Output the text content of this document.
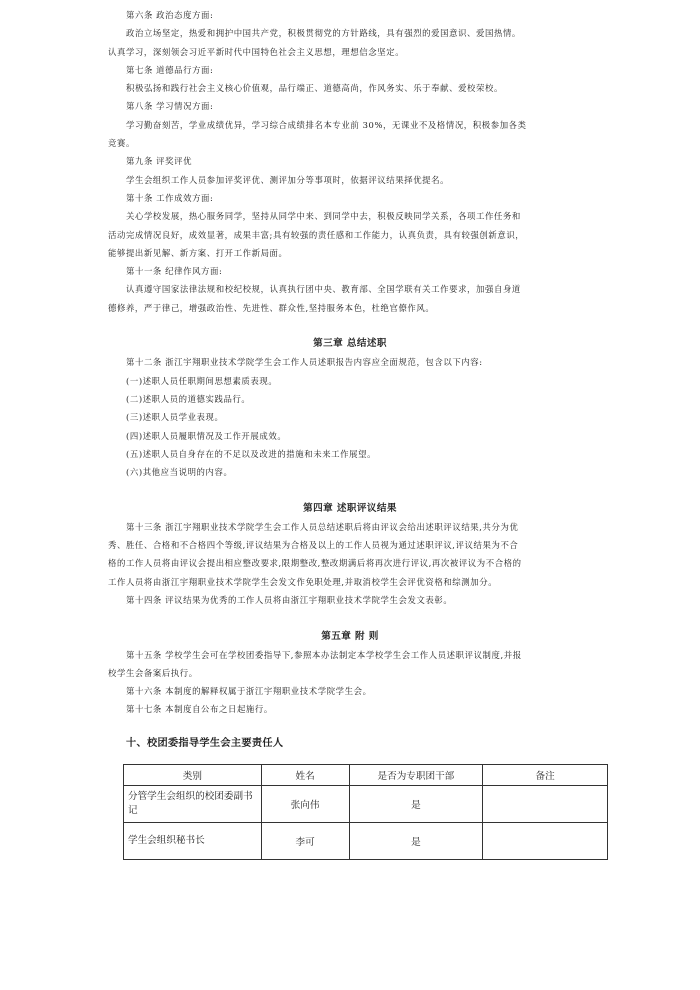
第六条 政治态度方面:
政治立场坚定，热爱和拥护中国共产党，积极贯彻党的方针路线，具有强烈的爱国意识、爱国热情。
认真学习，深刻领会习近平新时代中国特色社会主义思想，理想信念坚定。
第七条 道德品行方面:
积极弘扬和践行社会主义核心价值观，品行端正、道德高尚，作风务实、乐于奉献、爱校荣校。
第八条 学习情况方面:
学习勤奋刻苦，学业成绩优异，学习综合成绩排名本专业前 30%，无课业不及格情况，积极参加各类
竞赛。
第九条 评奖评优
学生会组织工作人员参加评奖评优、测评加分等事项时，依据评议结果择优提名。
第十条 工作成效方面:
关心学校发展，热心服务同学，坚持从同学中来、到同学中去，积极反映同学关系，各项工作任务和
活动完成情况良好，成效显著，成果丰富;具有较强的责任感和工作能力，认真负责，具有较强创新意识，
能够提出新见解、新方案、打开工作新局面。
第十一条 纪律作风方面:
认真遵守国家法律法规和校纪校规，认真执行团中央、教育部、全国学联有关工作要求，加强自身道
德修养，严于律己，增强政治性、先进性、群众性,坚持服务本色，杜绝官僚作风。

第三章 总结述职
第十二条 浙江宇翔职业技术学院学生会工作人员述职报告内容应全面规范，包含以下内容:
(一)述职人员任职期间思想素质表现。
(二)述职人员的道德实践品行。
(三)述职人员学业表现。
(四)述职人员履职情况及工作开展成效。
(五)述职人员自身存在的不足以及改进的措施和未来工作展望。
(六)其他应当说明的内容。

第四章 述职评议结果
第十三条 浙江宇翔职业技术学院学生会工作人员总结述职后将由评议会给出述职评议结果,共分为优
秀、胜任、合格和不合格四个等级,评议结果为合格及以上的工作人员视为通过述职评议,评议结果为不合
格的工作人员将由评议会提出相应整改要求,限期整改,整改期满后将再次进行评议,再次被评议为不合格的
工作人员将由浙江宇翔职业技术学院学生会发文作免职处理,并取消校学生会评优资格和综测加分。
第十四条 评议结果为优秀的工作人员将由浙江宇翔职业技术学院学生会发文表彰。

第五章 附 则
第十五条 学校学生会可在学校团委指导下,参照本办法制定本学校学生会工作人员述职评议制度,并报
校学生会备案后执行。
第十六条 本制度的解释权属于浙江宇翔职业技术学院学生会。
第十七条 本制度自公布之日起施行。
十、校团委指导学生会主要责任人
类别	姓名	是否为专职团干部	备注
分管学生会组织的校团委副书记	张向伟	是	
学生会组织秘书长	李可	是	
